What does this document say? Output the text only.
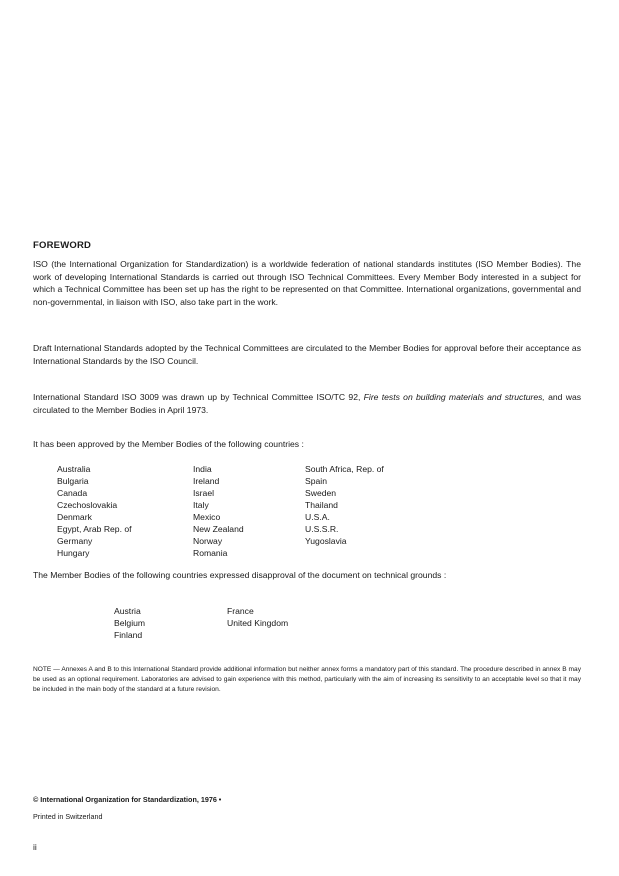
FOREWORD
ISO (the International Organization for Standardization) is a worldwide federation of national standards institutes (ISO Member Bodies). The work of developing International Standards is carried out through ISO Technical Committees. Every Member Body interested in a subject for which a Technical Committee has been set up has the right to be represented on that Committee. International organizations, governmental and non-governmental, in liaison with ISO, also take part in the work.
Draft International Standards adopted by the Technical Committees are circulated to the Member Bodies for approval before their acceptance as International Standards by the ISO Council.
International Standard ISO 3009 was drawn up by Technical Committee ISO/TC 92, Fire tests on building materials and structures, and was circulated to the Member Bodies in April 1973.
It has been approved by the Member Bodies of the following countries :
Australia
Bulgaria
Canada
Czechoslovakia
Denmark
Egypt, Arab Rep. of
Germany
Hungary
India
Ireland
Israel
Italy
Mexico
New Zealand
Norway
Romania
South Africa, Rep. of
Spain
Sweden
Thailand
U.S.A.
U.S.S.R.
Yugoslavia
The Member Bodies of the following countries expressed disapproval of the document on technical grounds :
Austria
Belgium
Finland
France
United Kingdom
NOTE — Annexes A and B to this International Standard provide additional information but neither annex forms a mandatory part of this standard. The procedure described in annex B may be used as an optional requirement. Laboratories are advised to gain experience with this method, particularly with the aim of increasing its sensitivity to an acceptable level so that it may be included in the main body of the standard at a future revision.
© International Organization for Standardization, 1976 •
Printed in Switzerland
ii
